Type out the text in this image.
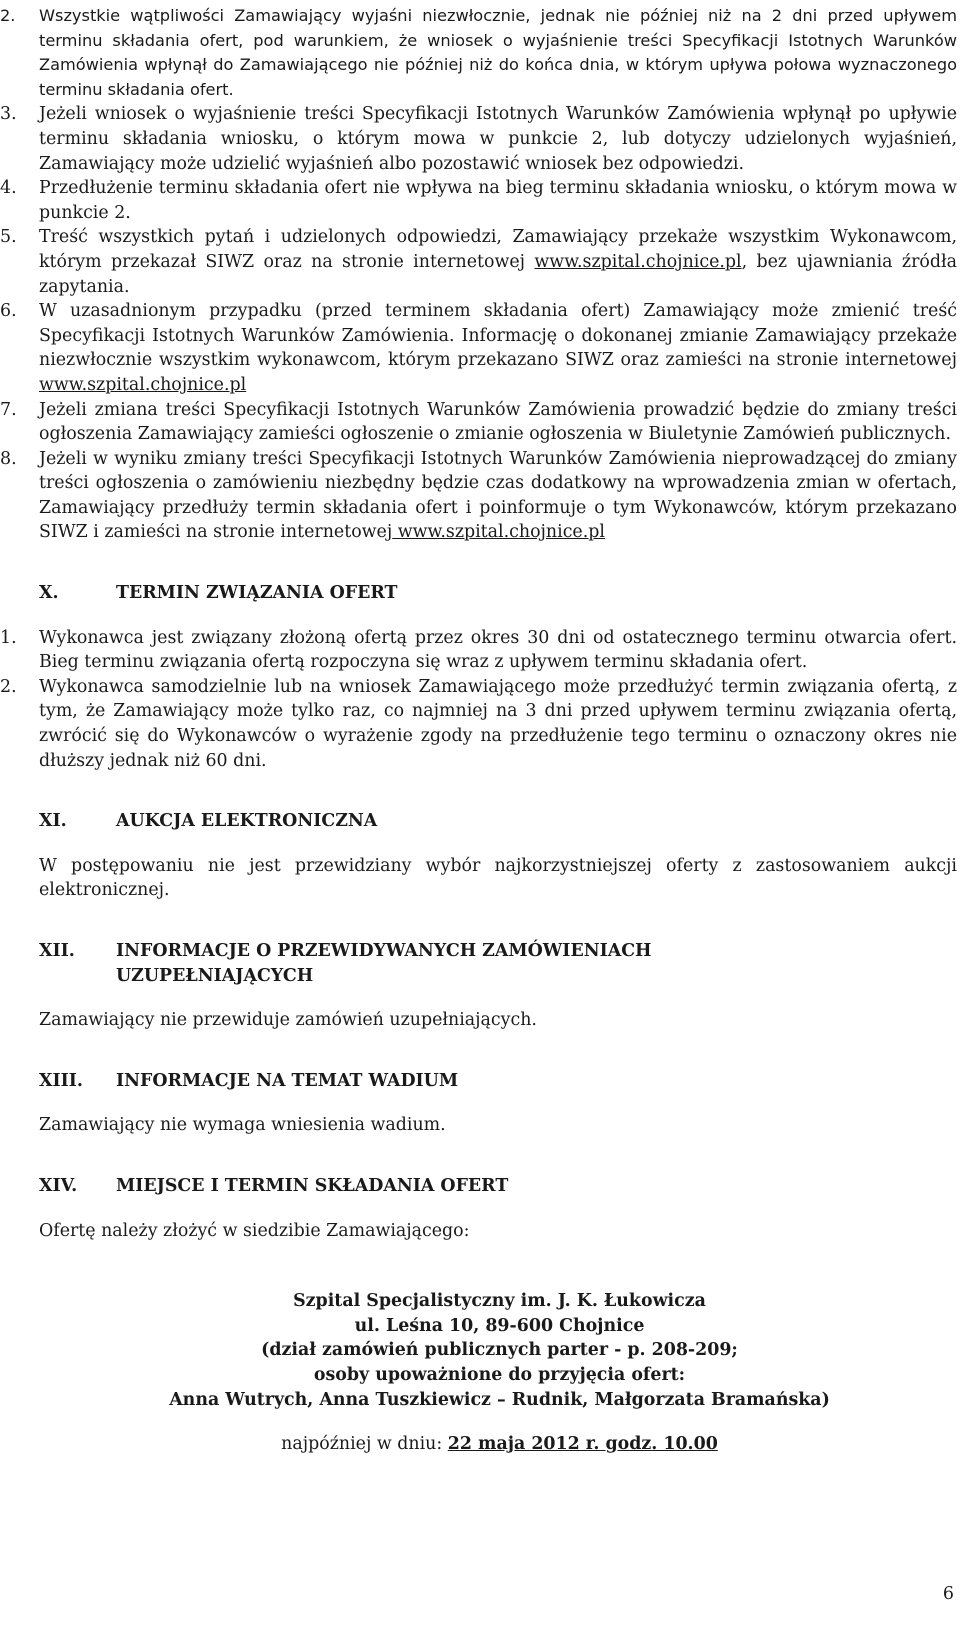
2. Wszystkie wątpliwości Zamawiający wyjaśni niezwłocznie, jednak nie później niż na 2 dni przed upływem terminu składania ofert, pod warunkiem, że wniosek o wyjaśnienie treści Specyfikacji Istotnych Warunków Zamówienia wpłynął do Zamawiającego nie później niż do końca dnia, w którym upływa połowa wyznaczonego terminu składania ofert.
3. Jeżeli wniosek o wyjaśnienie treści Specyfikacji Istotnych Warunków Zamówienia wpłynął po upływie terminu składania wniosku, o którym mowa w punkcie 2, lub dotyczy udzielonych wyjaśnień, Zamawiający może udzielić wyjaśnień albo pozostawić wniosek bez odpowiedzi.
4. Przedłużenie terminu składania ofert nie wpływa na bieg terminu składania wniosku, o którym mowa w punkcie 2.
5. Treść wszystkich pytań i udzielonych odpowiedzi, Zamawiający przekaże wszystkim Wykonawcom, którym przekazał SIWZ oraz na stronie internetowej www.szpital.chojnice.pl, bez ujawniania źródła zapytania.
6. W uzasadnionym przypadku (przed terminem składania ofert) Zamawiający może zmienić treść Specyfikacji Istotnych Warunków Zamówienia. Informację o dokonanej zmianie Zamawiający przekaże niezwłocznie wszystkim wykonawcom, którym przekazano SIWZ oraz zamieści na stronie internetowej www.szpital.chojnice.pl
7. Jeżeli zmiana treści Specyfikacji Istotnych Warunków Zamówienia prowadzić będzie do zmiany treści ogłoszenia Zamawiający zamieści ogłoszenie o zmianie ogłoszenia w Biuletynie Zamówień publicznych.
8. Jeżeli w wyniku zmiany treści Specyfikacji Istotnych Warunków Zamówienia nieprowadzącej do zmiany treści ogłoszenia o zamówieniu niezbędny będzie czas dodatkowy na wprowadzenia zmian w ofertach, Zamawiający przedłuży termin składania ofert i poinformuje o tym Wykonawców, którym przekazano SIWZ i zamieści na stronie internetowej www.szpital.chojnice.pl
X.	TERMIN ZWIĄZANIA OFERT
1. Wykonawca jest związany złożoną ofertą przez okres 30 dni od ostatecznego terminu otwarcia ofert. Bieg terminu związania ofertą rozpoczyna się wraz z upływem terminu składania ofert.
2. Wykonawca samodzielnie lub na wniosek Zamawiającego może przedłużyć termin związania ofertą, z tym, że Zamawiający może tylko raz, co najmniej na 3 dni przed upływem terminu związania ofertą, zwrócić się do Wykonawców o wyrażenie zgody na przedłużenie tego terminu o oznaczony okres nie dłuższy jednak niż 60 dni.
XI.	AUKCJA ELEKTRONICZNA
W postępowaniu nie jest przewidziany wybór najkorzystniejszej oferty z zastosowaniem aukcji elektronicznej.
XII. INFORMACJE O PRZEWIDYWANYCH ZAMÓWIENIACH
UZUPEŁNIAJĄCYCH
Zamawiający nie przewiduje zamówień uzupełniających.
XIII. INFORMACJE NA TEMAT WADIUM
Zamawiający nie wymaga wniesienia wadium.
XIV. MIEJSCE I TERMIN SKŁADANIA OFERT
Ofertę należy złożyć w siedzibie Zamawiającego:
Szpital Specjalistyczny im. J. K. Łukowicza
ul. Leśna 10, 89-600 Chojnice
(dział zamówień publicznych parter - p. 208-209;
osoby upoważnione do przyjęcia ofert:
Anna Wutrych, Anna Tuszkiewicz – Rudnik, Małgorzata Bramańska)
najpóźniej w dniu: 22 maja 2012 r. godz. 10.00
6
